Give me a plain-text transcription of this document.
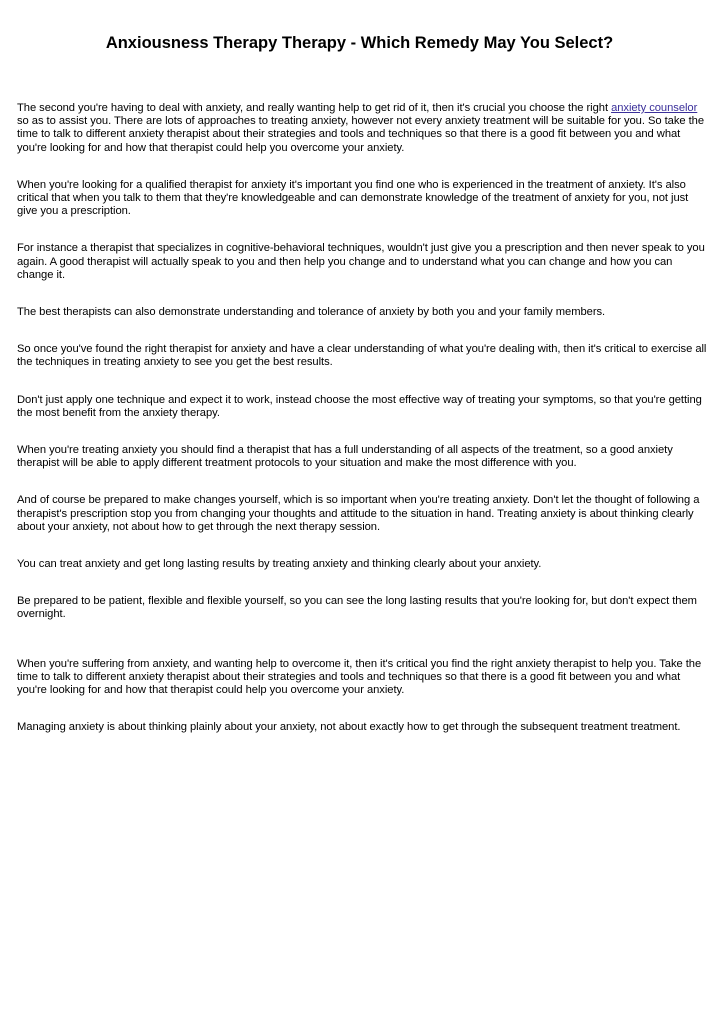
Anxiousness Therapy Therapy - Which Remedy May You Select?

The second you're having to deal with anxiety, and really wanting help to get rid of it, then it's crucial you choose the right anxiety counselor so as to assist you. There are lots of approaches to treating anxiety, however not every anxiety treatment will be suitable for you. So take the time to talk to different anxiety therapist about their strategies and tools and techniques so that there is a good fit between you and what you're looking for and how that therapist could help you overcome your anxiety.

When you're looking for a qualified therapist for anxiety it's important you find one who is experienced in the treatment of anxiety. It's also critical that when you talk to them that they're knowledgeable and can demonstrate knowledge of the treatment of anxiety for you, not just give you a prescription.

For instance a therapist that specializes in cognitive-behavioral techniques, wouldn't just give you a prescription and then never speak to you again. A good therapist will actually speak to you and then help you change and to understand what you can change and how you can change it.

The best therapists can also demonstrate understanding and tolerance of anxiety by both you and your family members.

So once you've found the right therapist for anxiety and have a clear understanding of what you're dealing with, then it's critical to exercise all the techniques in treating anxiety to see you get the best results.

Don't just apply one technique and expect it to work, instead choose the most effective way of treating your symptoms, so that you're getting the most benefit from the anxiety therapy.

When you're treating anxiety you should find a therapist that has a full understanding of all aspects of the treatment, so a good anxiety therapist will be able to apply different treatment protocols to your situation and make the most difference with you.

And of course be prepared to make changes yourself, which is so important when you're treating anxiety. Don't let the thought of following a therapist's prescription stop you from changing your thoughts and attitude to the situation in hand. Treating anxiety is about thinking clearly about your anxiety, not about how to get through the next therapy session.

You can treat anxiety and get long lasting results by treating anxiety and thinking clearly about your anxiety.

Be prepared to be patient, flexible and flexible yourself, so you can see the long lasting results that you're looking for, but don't expect them overnight.

When you're suffering from anxiety, and wanting help to overcome it, then it's critical you find the right anxiety therapist to help you. Take the time to talk to different anxiety therapist about their strategies and tools and techniques so that there is a good fit between you and what you're looking for and how that therapist could help you overcome your anxiety.

Managing anxiety is about thinking plainly about your anxiety, not about exactly how to get through the subsequent treatment treatment.
